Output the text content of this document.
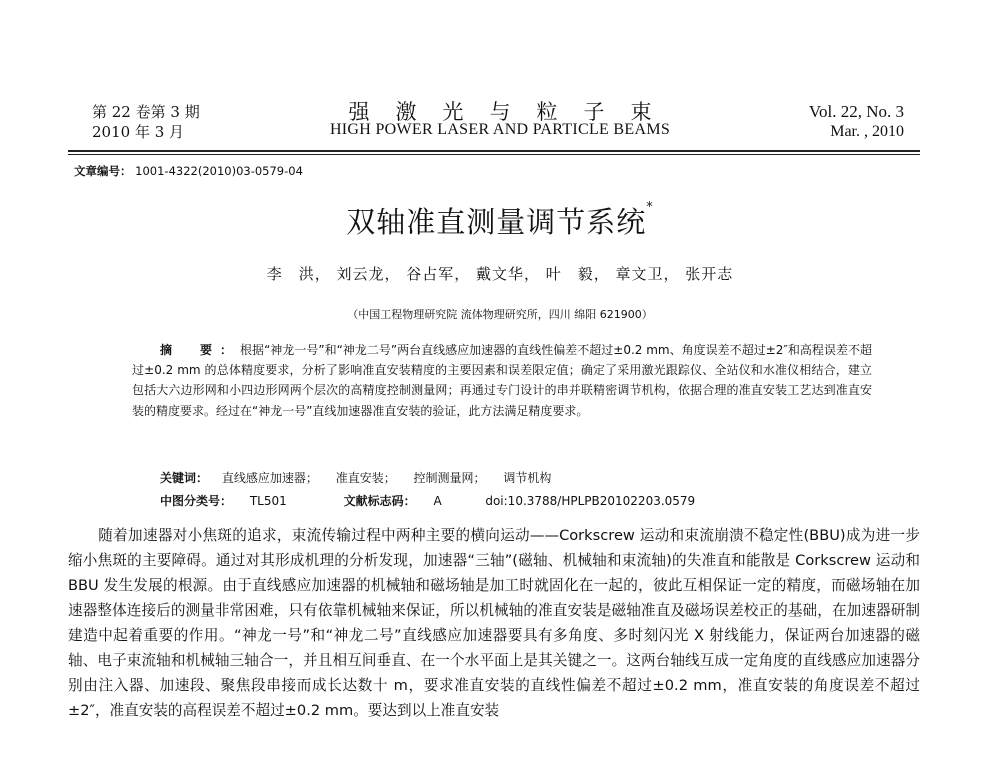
第 22 卷第 3 期
2010 年 3 月
强激光与粒子束
HIGH POWER LASER AND PARTICLE BEAMS
Vol. 22, No. 3
Mar. , 2010
文章编号： 1001-4322(2010)03-0579-04
双轴准直测量调节系统*
李　洪， 刘云龙， 谷占军， 戴文华， 叶　毅， 章文卫， 张开志
（中国工程物理研究院 流体物理研究所，四川 绵阳 621900）
摘　要：根据“神龙一号”和“神龙二号”两台直线感应加速器的直线性偏差不超过±0.2 mm、角度误差不超过±2″和高程误差不超过±0.2 mm 的总体精度要求，分析了影响准直安装精度的主要因素和误差限定值；确定了采用激光跟踪仪、全站仪和水准仪相结合，建立包括大六边形网和小四边形网两个层次的高精度控制测量网；再通过专门设计的串并联精密调节机构，依据合理的准直安装工艺达到准直安装的精度要求。经过在“神龙一号”直线加速器准直安装的验证，此方法满足精度要求。
关键词： 直线感应加速器； 准直安装； 控制测量网； 调节机构
中图分类号： TL501	文献标志码： A	doi:10.3788/HPLPB20102203.0579
随着加速器对小焦斑的追求，束流传输过程中两种主要的横向运动——Corkscrew 运动和束流崩溃不稳定性(BBU)成为进一步缩小焦斑的主要障碍。通过对其形成机理的分析发现，加速器“三轴”(磁轴、机械轴和束流轴)的失准直和能散是 Corkscrew 运动和 BBU 发生发展的根源。由于直线感应加速器的机械轴和磁场轴是加工时就固化在一起的，彼此互相保证一定的精度，而磁场轴在加速器整体连接后的测量非常困难，只有依靠机械轴来保证，所以机械轴的准直安装是磁轴准直及磁场误差校正的基础，在加速器研制建造中起着重要的作用。“神龙一号”和“神龙二号”直线感应加速器要具有多角度、多时刻闪光 X 射线能力，保证两台加速器的磁轴、电子束流轴和机械轴三轴合一，并且相互间垂直、在一个水平面上是其关键之一。这两台轴线互成一定角度的直线感应加速器分别由注入器、加速段、聚焦段串接而成长达数十 m，要求准直安装的直线性偏差不超过±0.2 mm，准直安装的角度误差不超过±2″，准直安装的高程误差不超过±0.2 mm。要达到以上准直安装
